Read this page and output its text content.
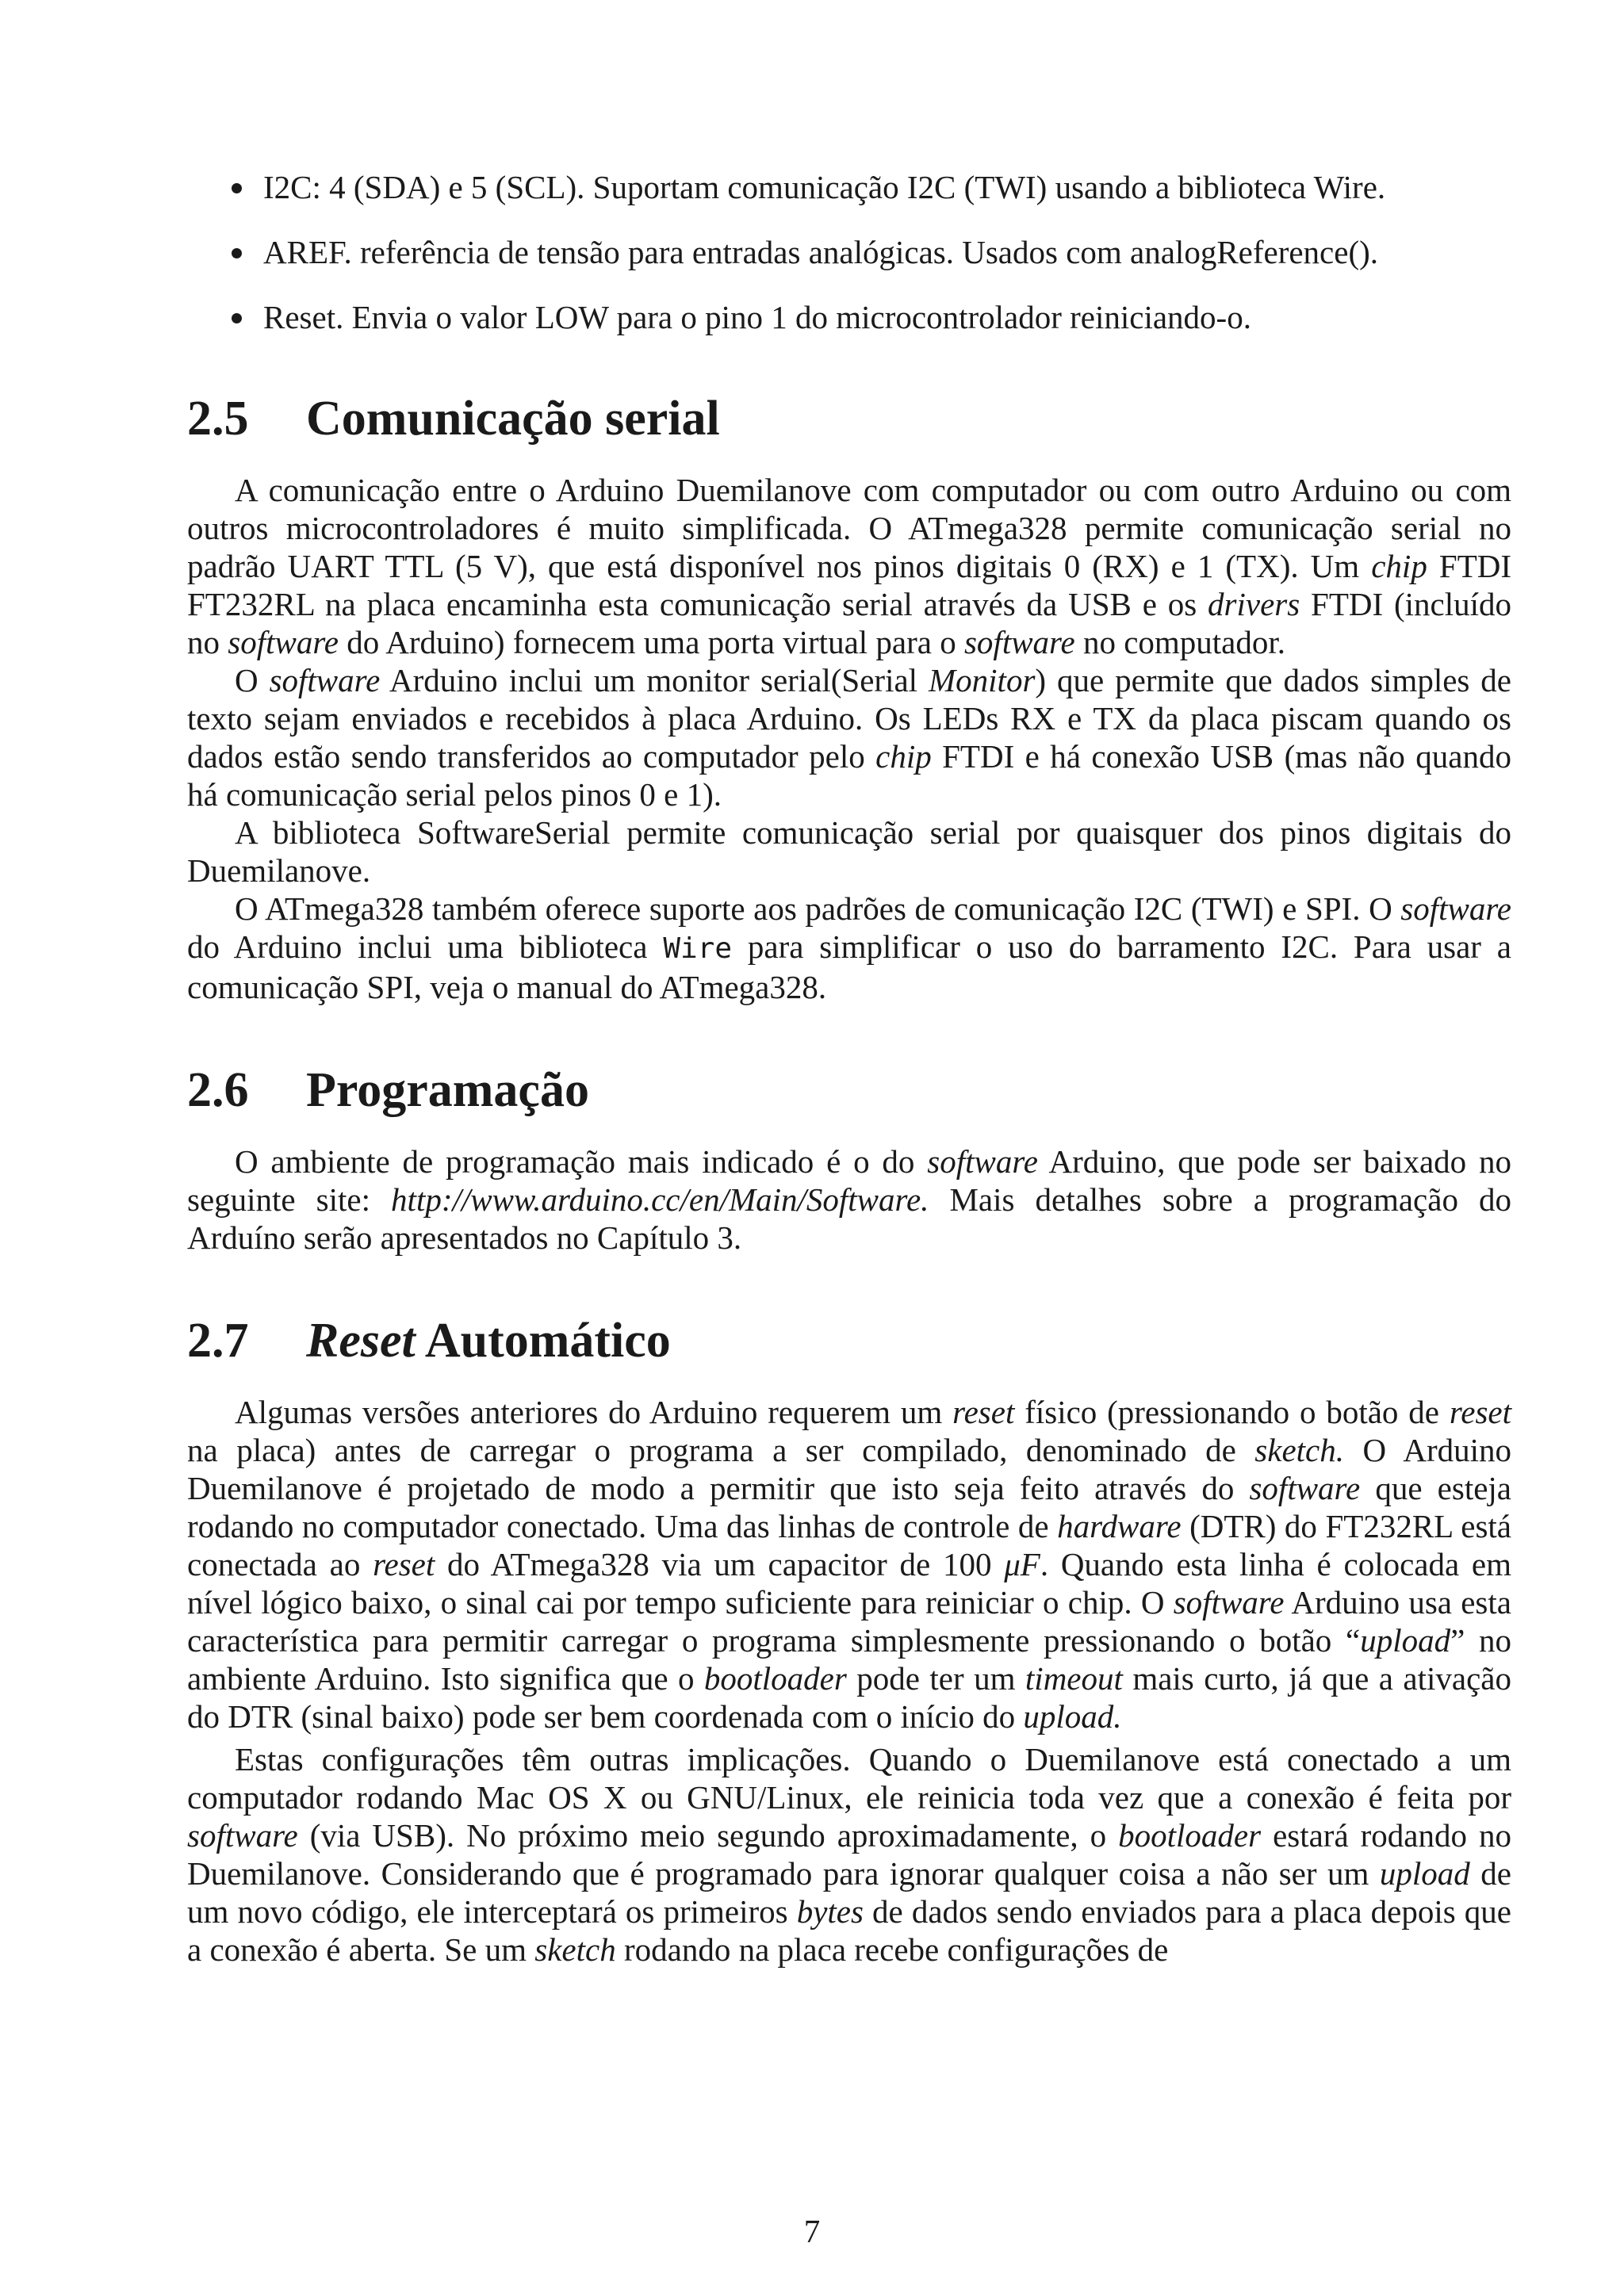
I2C: 4 (SDA) e 5 (SCL). Suportam comunicação I2C (TWI) usando a biblioteca Wire.
AREF. referência de tensão para entradas analógicas. Usados com analogReference().
Reset. Envia o valor LOW para o pino 1 do microcontrolador reiniciando-o.
2.5	Comunicação serial

A comunicação entre o Arduino Duemilanove com computador ou com outro Arduino ou com outros microcontroladores é muito simplificada. O ATmega328 permite comunicação serial no padrão UART TTL (5 V), que está disponível nos pinos digitais 0 (RX) e 1 (TX). Um chip FTDI FT232RL na placa encaminha esta comunicação serial através da USB e os drivers FTDI (incluído no software do Arduino) fornecem uma porta virtual para o software no computador.

O software Arduino inclui um monitor serial(Serial Monitor) que permite que dados simples de texto sejam enviados e recebidos à placa Arduino. Os LEDs RX e TX da placa piscam quando os dados estão sendo transferidos ao computador pelo chip FTDI e há conexão USB (mas não quando há comunicação serial pelos pinos 0 e 1).

A biblioteca SoftwareSerial permite comunicação serial por quaisquer dos pinos digitais do Duemilanove.

O ATmega328 também oferece suporte aos padrões de comunicação I2C (TWI) e SPI. O software do Arduino inclui uma biblioteca Wire para simplificar o uso do barramento I2C. Para usar a comunicação SPI, veja o manual do ATmega328.

2.6	Programação

O ambiente de programação mais indicado é o do software Arduino, que pode ser baixado no seguinte site: http://www.arduino.cc/en/Main/Software. Mais detalhes sobre a programação do Arduíno serão apresentados no Capítulo 3.

2.7	Reset Automático

Algumas versões anteriores do Arduino requerem um reset físico (pressionando o botão de reset na placa) antes de carregar o programa a ser compilado, denominado de sketch. O Arduino Duemilanove é projetado de modo a permitir que isto seja feito através do software que esteja rodando no computador conectado. Uma das linhas de controle de hardware (DTR) do FT232RL está conectada ao reset do ATmega328 via um capacitor de 100 μF. Quando esta linha é colocada em nível lógico baixo, o sinal cai por tempo suficiente para reiniciar o chip. O software Arduino usa esta característica para permitir carregar o programa simplesmente pressionando o botão “upload” no ambiente Arduino. Isto significa que o bootloader pode ter um timeout mais curto, já que a ativação do DTR (sinal baixo) pode ser bem coordenada com o início do upload.

Estas configurações têm outras implicações. Quando o Duemilanove está conectado a um computador rodando Mac OS X ou GNU/Linux, ele reinicia toda vez que a conexão é feita por software (via USB). No próximo meio segundo aproximadamente, o bootloader estará rodando no Duemilanove. Considerando que é programado para ignorar qualquer coisa a não ser um upload de um novo código, ele interceptará os primeiros bytes de dados sendo enviados para a placa depois que a conexão é aberta. Se um sketch rodando na placa recebe configurações de

7
